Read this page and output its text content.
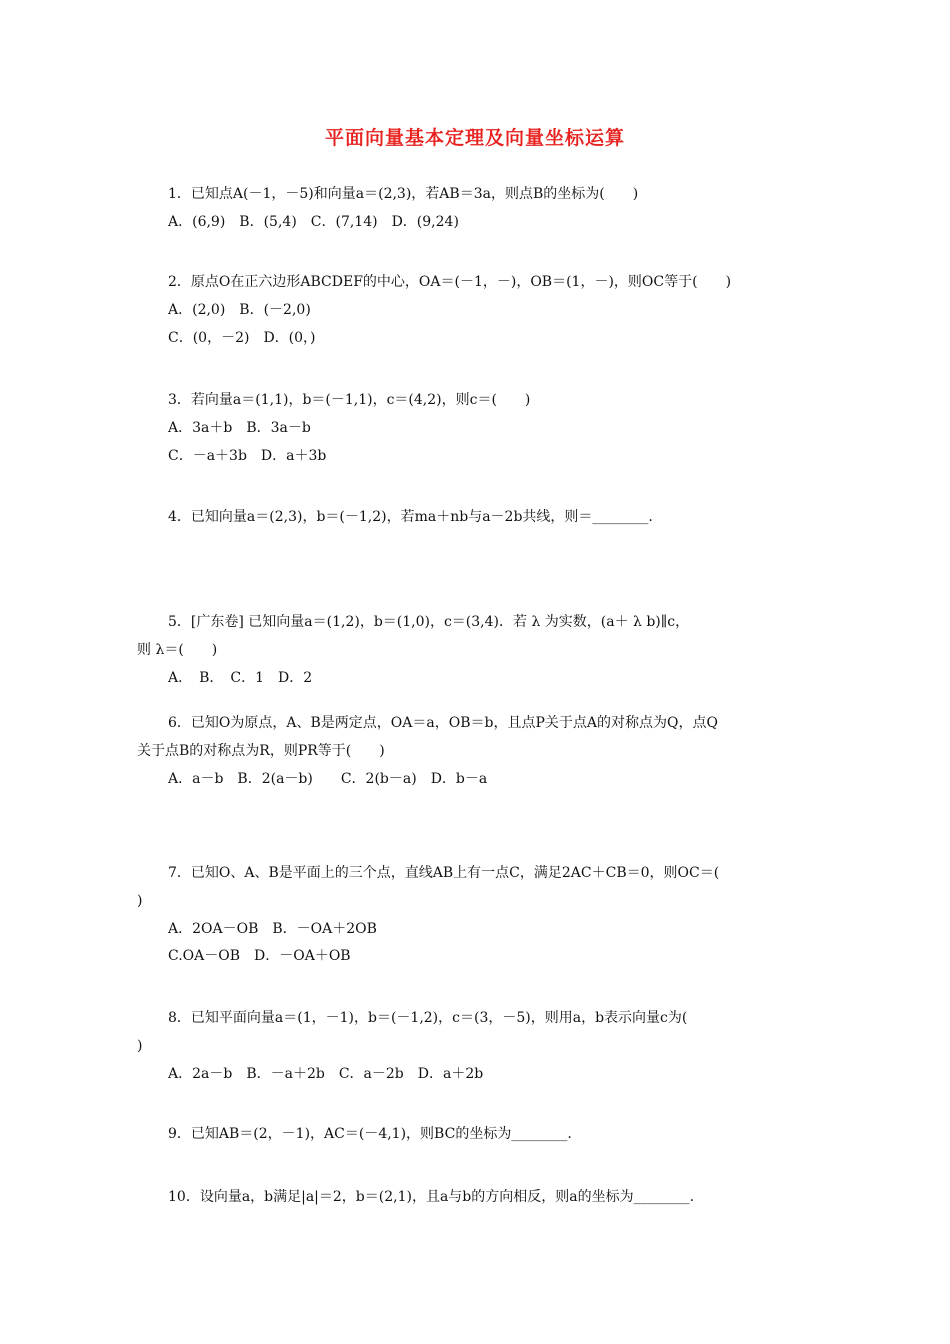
平面向量基本定理及向量坐标运算
1．已知点A(－1，－5)和向量a＝(2,3)，若AB＝3a，则点B的坐标为(　　)
A．(6,9)　B．(5,4)　C．(7,14)　D．(9,24)
2．原点O在正六边形ABCDEF的中心，OA＝(－1，－)，OB＝(1，－)，则OC等于(　　)
A．(2,0)　B．(－2,0)
C．(0，－2)　D．(0，)
3．若向量a＝(1,1)，b＝(－1,1)，c＝(4,2)，则c＝(　　)
A．3a＋b　B．3a－b
C．－a＋3b　D．a＋3b
4．已知向量a＝(2,3)，b＝(－1,2)，若ma＋nb与a－2b共线，则＝________.
5．[广东卷] 已知向量a＝(1,2)，b＝(1,0)，c＝(3,4)．若 λ 为实数，(a＋ λ b)∥c，
则 λ＝(　　)
A．　B．　C．1　D．2
6．已知O为原点，A、B是两定点，OA＝a，OB＝b，且点P关于点A的对称点为Q，点Q
关于点B的对称点为R，则PR等于(　　)
A．a－b　B．2(a－b)　　C．2(b－a)　D．b－a
7．已知O、A、B是平面上的三个点，直线AB上有一点C，满足2AC＋CB＝0，则OC＝(
)
A．2OA－OB　B．－OA＋2OB
C.OA－OB　D．－OA＋OB
8．已知平面向量a＝(1，－1)，b＝(－1,2)，c＝(3，－5)，则用a，b表示向量c为(
)
A．2a－b　B．－a＋2b　C．a－2b　D．a＋2b
9．已知AB＝(2，－1)，AC＝(－4,1)，则BC的坐标为________.
10．设向量a，b满足|a|＝2，b＝(2,1)，且a与b的方向相反，则a的坐标为________.
